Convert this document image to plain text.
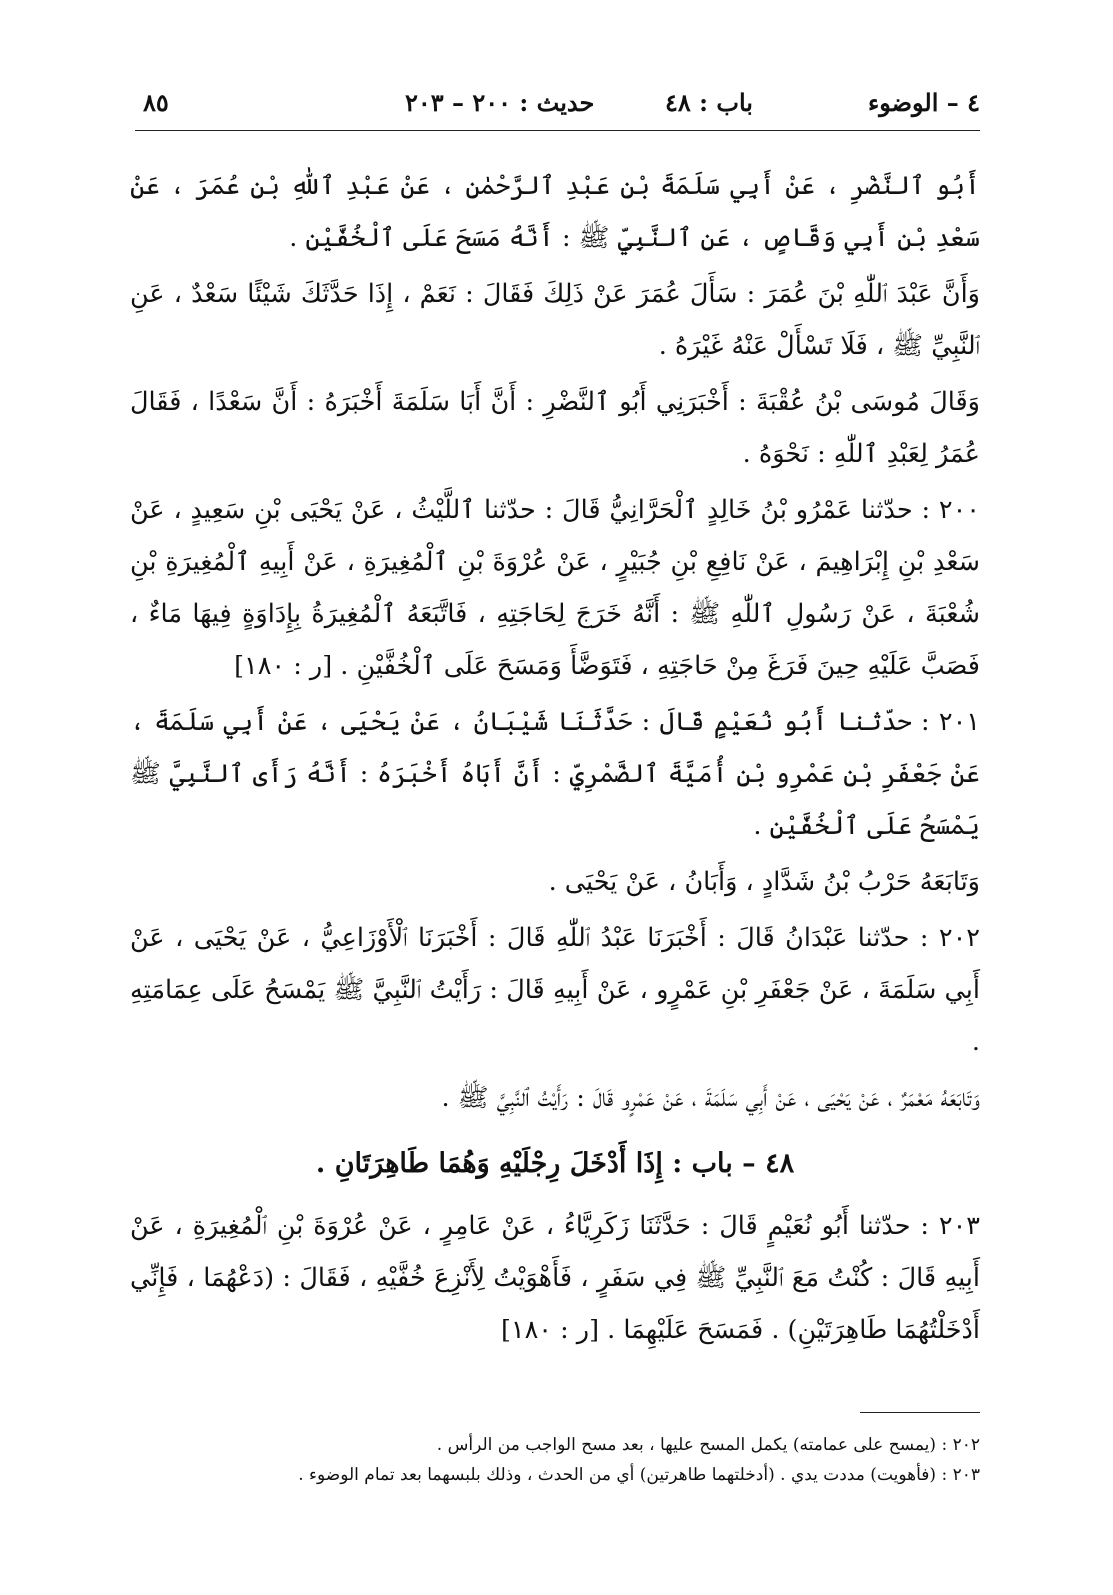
٤ – الوضوء
باب : ٤٨
حديث : ٢٠٠ – ٢٠٣
٨٥

أَبُو ٱلنَّضْرِ ، عَنْ أَبِي سَلَمَةَ بْنِ عَبْدِ ٱلرَّحْمٰنِ ، عَنْ عَبْدِ ٱللّٰهِ بْنِ عُمَرَ ، عَنْ سَعْدِ بْنِ أَبِي وَقَّاصٍ ، عَنِ ٱلنَّبِيِّ ﷺ : أَنَّهُ مَسَحَ عَلَى ٱلْخُفَّيْنِ .

وَأَنَّ عَبْدَ ٱللّٰهِ بْنَ عُمَرَ : سَأَلَ عُمَرَ عَنْ ذَلِكَ فَقَالَ : نَعَمْ ، إِذَا حَدَّثَكَ شَيْئًا سَعْدٌ ، عَنِ ٱلنَّبِيِّ ﷺ ، فَلَا تَسْأَلْ عَنْهُ غَيْرَهُ .

وَقَالَ مُوسَى بْنُ عُقْبَةَ : أَخْبَرَنِي أَبُو ٱلنَّضْرِ : أَنَّ أَبَا سَلَمَةَ أَخْبَرَهُ : أَنَّ سَعْدًا ، فَقَالَ عُمَرُ لِعَبْدِ ٱللّٰهِ : نَحْوَهُ .

٢٠٠ : حدّثنا عَمْرُو بْنُ خَالِدٍ ٱلْحَرَّانِيُّ قَالَ : حدّثنا ٱللَّيْثُ ، عَنْ يَحْيَى بْنِ سَعِيدٍ ، عَنْ سَعْدِ بْنِ إِبْرَاهِيمَ ، عَنْ نَافِعِ بْنِ جُبَيْرٍ ، عَنْ عُرْوَةَ بْنِ ٱلْمُغِيرَةِ ، عَنْ أَبِيهِ ٱلْمُغِيرَةِ بْنِ شُعْبَةَ ، عَنْ رَسُولِ ٱللّٰهِ ﷺ : أَنَّهُ خَرَجَ لِحَاجَتِهِ ، فَاتَّبَعَهُ ٱلْمُغِيرَةُ بِإِدَاوَةٍ فِيهَا مَاءٌ ، فَصَبَّ عَلَيْهِ حِينَ فَرَغَ مِنْ حَاجَتِهِ ، فَتَوَضَّأَ وَمَسَحَ عَلَى ٱلْخُفَّيْنِ . [ر : ١٨٠]

٢٠١ : حدّثنا أَبُو نُعَيْمٍ قَالَ : حَدَّثَنَا شَيْبَانُ ، عَنْ يَحْيَى ، عَنْ أَبِي سَلَمَةَ ، عَنْ جَعْفَرِ بْنِ عَمْرِو بْنِ أُمَيَّةَ ٱلضَّمْرِيِّ : أَنَّ أَبَاهُ أَخْبَرَهُ : أَنَّهُ رَأَى ٱلنَّبِيَّ ﷺ يَمْسَحُ عَلَى ٱلْخُفَّيْنِ .

وَتَابَعَهُ حَرْبُ بْنُ شَدَّادٍ ، وَأَبَانُ ، عَنْ يَحْيَى .

٢٠٢ : حدّثنا عَبْدَانُ قَالَ : أَخْبَرَنَا عَبْدُ ٱللّٰهِ قَالَ : أَخْبَرَنَا ٱلْأَوْزَاعِيُّ ، عَنْ يَحْيَى ، عَنْ أَبِي سَلَمَةَ ، عَنْ جَعْفَرِ بْنِ عَمْرٍو ، عَنْ أَبِيهِ قَالَ : رَأَيْتُ ٱلنَّبِيَّ ﷺ يَمْسَحُ عَلَى عِمَامَتِهِ .

وَتَابَعَهُ مَعْمَرٌ ، عَنْ يَحْيَى ، عَنْ أَبِي سَلَمَةَ ، عَنْ عَمْرٍو قَالَ : رَأَيْتُ ٱلنَّبِيَّ ﷺ .

٤٨ – باب : إِذَا أَدْخَلَ رِجْلَيْهِ وَهُمَا طَاهِرَتَانِ .

٢٠٣ : حدّثنا أَبُو نُعَيْمٍ قَالَ : حَدَّثَنَا زَكَرِيَّاءُ ، عَنْ عَامِرٍ ، عَنْ عُرْوَةَ بْنِ ٱلْمُغِيرَةِ ، عَنْ أَبِيهِ قَالَ : كُنْتُ مَعَ ٱلنَّبِيِّ ﷺ فِي سَفَرٍ ، فَأَهْوَيْتُ لِأَنْزِعَ خُفَّيْهِ ، فَقَالَ : (دَعْهُمَا ، فَإِنِّي أَدْخَلْتُهُمَا طَاهِرَتَيْنِ) . فَمَسَحَ عَلَيْهِمَا . [ر : ١٨٠]

٢٠٢ : (يمسح على عمامته) يكمل المسح عليها ، بعد مسح الواجب من الرأس .

٢٠٣ : (فأهويت) مددت يدي . (أدخلتهما طاهرتين) أي من الحدث ، وذلك بلبسهما بعد تمام الوضوء .
